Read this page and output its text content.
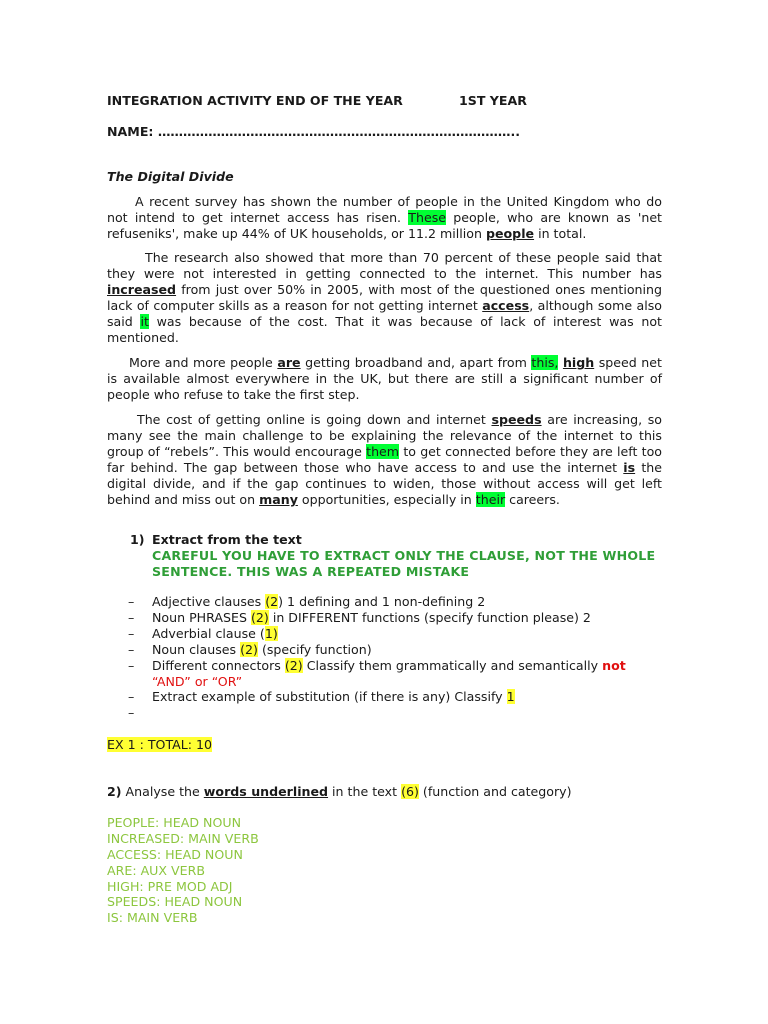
INTEGRATION ACTIVITY END OF THE YEAR	1ST YEAR
NAME: …………………………………………………………………………..
The Digital Divide
A recent survey has shown the number of people in the United Kingdom who do not intend to get internet access has risen. These people, who are known as 'net refuseniks', make up 44% of UK households, or 11.2 million people in total.
The research also showed that more than 70 percent of these people said that they were not interested in getting connected to the internet. This number has increased from just over 50% in 2005, with most of the questioned ones mentioning lack of computer skills as a reason for not getting internet access, although some also said it was because of the cost. That it was because of lack of interest was not mentioned.
More and more people are getting broadband and, apart from this, high speed net is available almost everywhere in the UK, but there are still a significant number of people who refuse to take the first step.
The cost of getting online is going down and internet speeds are increasing, so many see the main challenge to be explaining the relevance of the internet to this group of “rebels”. This would encourage them to get connected before they are left too far behind. The gap between those who have access to and use the internet is the digital divide, and if the gap continues to widen, those without access will get left behind and miss out on many opportunities, especially in their careers.
1) Extract from the text
CAREFUL YOU HAVE TO EXTRACT ONLY THE CLAUSE, NOT THE WHOLE
SENTENCE. THIS WAS A REPEATED MISTAKE
– Adjective clauses (2) 1 defining and 1 non-defining 2
– Noun PHRASES (2) in DIFFERENT functions (specify function please) 2
– Adverbial clause (1)
– Noun clauses (2) (specify function)
– Different connectors (2) Classify them grammatically and semantically not
“AND” or “OR”
– Extract example of substitution (if there is any) Classify 1
–
EX 1 : TOTAL: 10
2) Analyse the words underlined in the text (6) (function and category)
PEOPLE: HEAD NOUN
INCREASED: MAIN VERB
ACCESS: HEAD NOUN
ARE: AUX VERB
HIGH: PRE MOD ADJ
SPEEDS: HEAD NOUN
IS: MAIN VERB
